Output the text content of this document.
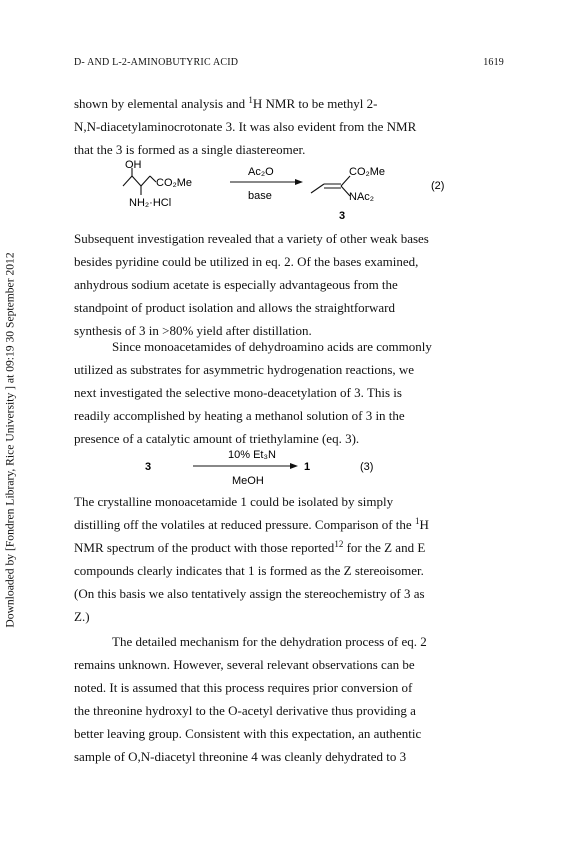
D- AND L-2-AMINOBUTYRIC ACID	1619
Downloaded by [Fondren Library, Rice University ] at 09:19 30 September 2012
shown by elemental analysis and $^1$H NMR to be methyl 2-
N,N-diacetylaminocrotonate 3. It was also evident from the NMR
that the 3 is formed as a single diastereomer.
OH
CO₂Me
NH₂·HCl
Ac₂O
base
CO₂Me
NAc₂
3
(2)
Subsequent investigation revealed that a variety of other weak bases
besides pyridine could be utilized in eq. 2. Of the bases examined,
anhydrous sodium acetate is especially advantageous from the
standpoint of product isolation and allows the straightforward
synthesis of 3 in >80% yield after distillation.
Since monoacetamides of dehydroamino acids are commonly
utilized as substrates for asymmetric hydrogenation reactions, we
next investigated the selective mono-deacetylation of 3. This is
readily accomplished by heating a methanol solution of 3 in the
presence of a catalytic amount of triethylamine (eq. 3).
3
10% Et₃N
MeOH
1	(3)
The crystalline monoacetamide 1 could be isolated by simply
distilling off the volatiles at reduced pressure. Comparison of the $^1$H
NMR spectrum of the product with those reported$^{12}$ for the Z and E
compounds clearly indicates that 1 is formed as the Z stereoisomer.
(On this basis we also tentatively assign the stereochemistry of 3 as
Z.)
The detailed mechanism for the dehydration process of eq. 2
remains unknown. However, several relevant observations can be
noted. It is assumed that this process requires prior conversion of
the threonine hydroxyl to the O-acetyl derivative thus providing a
better leaving group. Consistent with this expectation, an authentic
sample of O,N-diacetyl threonine 4 was cleanly dehydrated to 3
